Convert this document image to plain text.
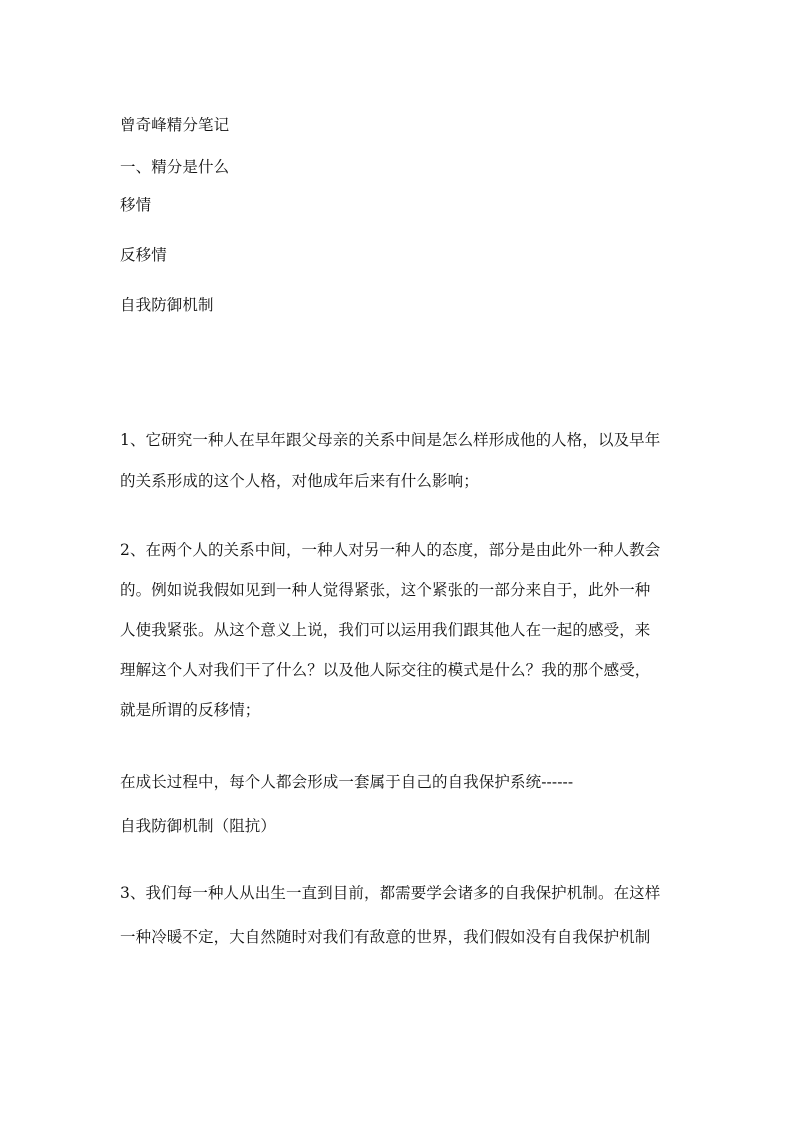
曾奇峰精分笔记
一、精分是什么
移情
反移情
自我防御机制
1、它研究一种人在早年跟父母亲的关系中间是怎么样形成他的人格，以及早年
的关系形成的这个人格，对他成年后来有什么影响；
2、在两个人的关系中间，一种人对另一种人的态度，部分是由此外一种人教会
的。例如说我假如见到一种人觉得紧张，这个紧张的一部分来自于，此外一种
人使我紧张。从这个意义上说，我们可以运用我们跟其他人在一起的感受，来
理解这个人对我们干了什么？以及他人际交往的模式是什么？我的那个感受，
就是所谓的反移情；
在成长过程中，每个人都会形成一套属于自己的自我保护系统------
自我防御机制（阻抗）
3、我们每一种人从出生一直到目前，都需要学会诸多的自我保护机制。在这样
一种冷暖不定，大自然随时对我们有敌意的世界，我们假如没有自我保护机制
